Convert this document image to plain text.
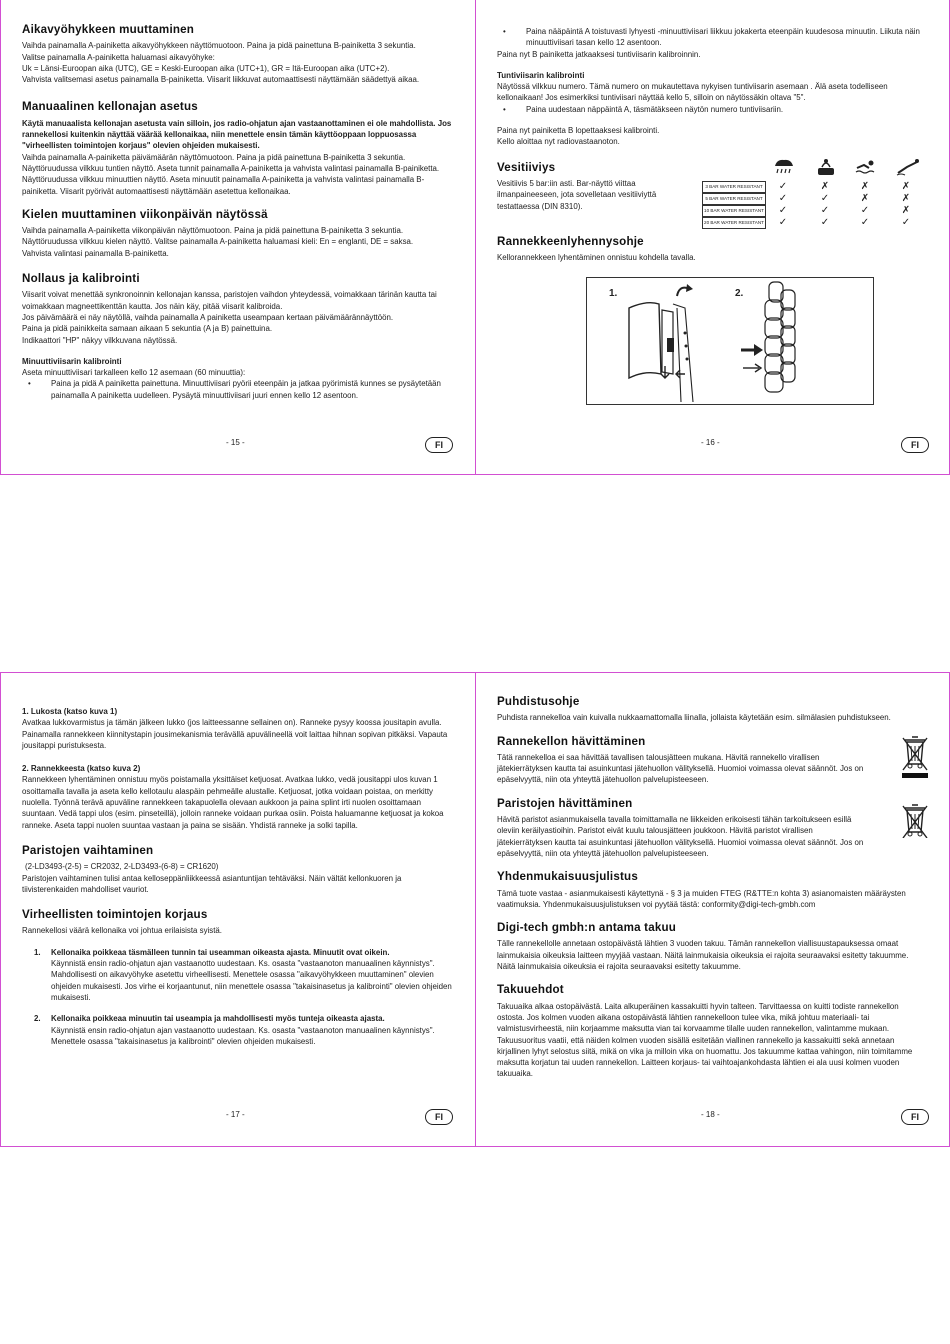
Aikavyöhykkeen muuttaminen

Vaihda painamalla A-painiketta aikavyöhykkeen näyttömuotoon. Paina ja pidä painettuna B-painiketta 3 sekuntia.

Valitse painamalla A-painiketta haluamasi aikavyöhyke:

Uk = Länsi-Euroopan aika (UTC), GE = Keski-Euroopan aika (UTC+1), GR = Itä-Euroopan aika (UTC+2).

Vahvista valitsemasi asetus painamalla B-painiketta. Viisarit liikkuvat automaattisesti näyttämään säädettyä aikaa.

Manuaalinen kellonajan asetus

Käytä manuaalista kellonajan asetusta vain silloin, jos radio-ohjatun ajan vastaanottaminen ei ole mahdollista. Jos rannekellosi kuitenkin näyttää väärää kellonaikaa, niin menettele ensin tämän käyttöoppaan loppuosassa "virheellisten toimintojen korjaus" olevien ohjeiden mukaisesti.

Vaihda painamalla A-painiketta päivämäärän näyttömuotoon. Paina ja pidä painettuna B-painiketta 3 sekuntia.

Näyttöruudussa vilkkuu tuntien näyttö. Aseta tunnit painamalla A-painiketta ja vahvista valintasi painamalla B-painiketta.

Näyttöruudussa vilkkuu minuuttien näyttö. Aseta minuutit painamalla A-painiketta ja vahvista valintasi painamalla B-painiketta. Viisarit pyörivät automaattisesti näyttämään asetettua kellonaikaa.

Kielen muuttaminen viikonpäivän näytössä

Vaihda painamalla A-painiketta viikonpäivän näyttömuotoon. Paina ja pidä painettuna B-painiketta 3 sekuntia.

Näyttöruudussa vilkkuu kielen näyttö. Valitse painamalla A-painiketta haluamasi kieli: En = englanti, DE = saksa.

Vahvista valintasi painamalla B-painiketta.

Nollaus ja kalibrointi

Viisarit voivat menettää synkronoinnin kellonajan kanssa, paristojen vaihdon yhteydessä, voimakkaan tärinän kautta tai voimakkaan magneettikenttän kautta. Jos näin käy, pitää viisarit kalibroida.

Jos päivämäärä ei näy näytöllä, vaihda painamalla A painiketta useampaan kertaan päivämäärännäyttöön.

Paina ja pidä painikkeita samaan aikaan 5 sekuntia (A ja B) painettuina.

Indikaattori "HP" näkyy vilkkuvana näytössä.

Minuuttiviisarin kalibrointi

Aseta minuuttiviisari tarkalleen kello 12 asemaan (60 minuuttia):

• Paina ja pidä A painiketta painettuna. Minuuttiviisari pyörii eteenpäin ja jatkaa pyörimistä kunnes se pysäytetään painamalla A painiketta uudelleen. Pysäytä minuuttiviisari juuri ennen kello 12 asentoon.

- 15 -	FI

• Paina nääpäintä A toistuvasti lyhyesti -minuuttiviisari liikkuu jokakerta eteenpäin kuudesosa minuutin. Liikuta näin minuuttiviisari tasan kello 12 asentoon.

Paina nyt B painiketta jatkaaksesi tuntiviisarin kalibroinnin.

Tuntiviisarin kalibrointi

Näytössä vilkkuu numero. Tämä numero on mukautettava nykyisen tuntiviisarin asemaan . Älä aseta todelliseen kellonaikaan! Jos esimerkiksi tuntiviisari näyttää kello 5, silloin on näytössäkin oltava "5".

• Paina uudestaan näppäintä A, täsmätäkseen näytön numero tuntiviisariin.

Paina nyt painiketta B lopettaaksesi kalibrointi.

Kello aloittaa nyt radiovastaanoton.

Vesitiiviys

Vesitiivis 5 bar:iin asti. Bar-näyttö viittaa ilmanpaineeseen, jota sovelletaan vesitiiviyttä testattaessa (DIN 8310).

Rannekkeenlyhennysohje

Kellorannekkeen lyhentäminen onnistuu kohdella tavalla.

3 BAR WATER RESISTANT	✓	✗	✗	✗
5 BAR WATER RESISTANT	✓	✓	✗	✗
10 BAR WATER RESISTANT ✓	✓	✓	✗
20 BAR WATER RESISTANT ✓	✓	✓	✓
1.	2.
- 16 -	FI
1. Lukosta (katso kuva 1)

Avatkaa lukkovarmistus ja tämän jälkeen lukko (jos laitteessanne sellainen on). Ranneke pysyy koossa jousitapin avulla. Painamalla rannekkeen kiinnitystapin jousimekanismia terävällä apuvälineellä voit laittaa hihnan sopivan pitkäksi. Vapauta jousitappi puristuksesta.

2. Rannekkeesta (katso kuva 2)

Rannekkeen lyhentäminen onnistuu myös poistamalla yksittäiset ketjuosat. Avatkaa lukko, vedä jousitappi ulos kuvan 1 osoittamalla tavalla ja aseta kello kellotaulu alaspäin pehmeälle alustalle. Ketjuosat, jotka voidaan poistaa, on merkitty nuolella. Työnnä terävä apuväline rannekkeen takapuolella olevaan aukkoon ja paina splint irti nuolen osoittamaan suuntaan. Vedä tappi ulos (esim. pinseteillä), jolloin ranneke voidaan purkaa osiin. Poista haluamanne ketjuosat ja kokoa ranneke. Aseta tappi nuolen suuntaa vastaan ja paina se sisään. Yhdistä ranneke ja solki tapilla.

Paristojen vaihtaminen

(2-LD3493-(2-5) = CR2032, 2-LD3493-(6-8) = CR1620)

Paristojen vaihtaminen tulisi antaa kelloseppänliikkeessä asiantuntijan tehtäväksi. Näin vältät kellonkuoren ja tiivisterenkaiden mahdolliset vauriot.

Virheellisten toimintojen korjaus

Rannekellosi väärä kellonaika voi johtua erilaisista syistä.

1. Kellonaika poikkeaa täsmälleen tunnin tai useamman oikeasta ajasta. Minuutit ovat oikein.

Käynnistä ensin radio-ohjatun ajan vastaanotto uudestaan. Ks. osasta "vastaanoton manuaalinen käynnistys". Mahdollisesti on aikavyöhyke asetettu virheellisesti. Menettele osassa "aikavyöhykkeen muuttaminen" olevien ohjeiden mukaisesti. Jos virhe ei korjaantunut, niin menettele osassa "takaisinasetus ja kalibrointi" olevien ohjeiden mukaisesti.

2. Kellonaika poikkeaa minuutin tai useampia ja mahdollisesti myös tunteja oikeasta ajasta.

Käynnistä ensin radio-ohjatun ajan vastaanotto uudestaan. Ks. osasta "vastaanoton manuaalinen käynnistys". Menettele osassa "takaisinasetus ja kalibrointi" olevien ohjeiden mukaisesti.

- 17 -	FI
Puhdistusohje

Puhdista rannekelloa vain kuivalla nukkaamattomalla liinalla, jollaista käytetään esim. silmälasien puhdistukseen.

Rannekellon hävittäminen

Tätä rannekelloa ei saa hävittää tavallisen talousjätteen mukana. Hävitä rannekello virallisen jätekierrätyksen kautta tai asuinkuntasi jätehuollon välityksellä. Huomioi voimassa olevat säännöt. Jos on epäselvyyttä, niin ota yhteyttä jätehuollon palvelupisteeseen.

Paristojen hävittäminen

Hävitä paristot asianmukaisella tavalla toimittamalla ne liikkeiden erikoisesti tähän tarkoitukseen esillä oleviin keräilyastioihin. Paristot eivät kuulu talousjätteen joukkoon. Hävitä paristot virallisen jätekierrätyksen kautta tai asuinkuntasi jätehuollon välityksellä. Huomioi voimassa olevat säännöt. Jos on epäselvyyttä, niin ota yhteyttä jätehuollon palvelupisteeseen.

Yhdenmukaisuusjulistus

Tämä tuote vastaa - asianmukaisesti käytettynä - § 3 ja muiden FTEG (R&TTE:n kohta 3) asianomaisten määräysten vaatimuksia. Yhdenmukaisuusjulistuksen voi pyytää tästä: conformity@digi-tech-gmbh.com

Digi-tech gmbh:n antama takuu

Tälle rannekellolle annetaan ostopäivästä lähtien 3 vuoden takuu. Tämän rannekellon viallisuustapauksessa omaat lainmukaisia oikeuksia laitteen myyjää vastaan. Näitä lainmukaisia oikeuksia ei rajoita seuraavaksi esitetty takuumme. Näitä lainmukaisia oikeuksia ei rajoita seuraavaksi esitetty takuumme.

Takuuehdot

Takuuaika alkaa ostopäivästä. Laita alkuperäinen kassakuitti hyvin talteen. Tarvittaessa on kuitti todiste rannekellon ostosta. Jos kolmen vuoden aikana ostopäivästä lähtien rannekelloon tulee vika, mikä johtuu materiaali- tai valmistusvirheestä, niin korjaamme maksutta vian tai korvaamme tilalle uuden rannekellon, valintamme mukaan. Takuusuoritus vaatii, että näiden kolmen vuoden sisällä esitetään viallinen rannekello ja kassakuitti sekä annetaan kirjallinen lyhyt selostus siitä, mikä on vika ja milloin vika on huomattu. Jos takuumme kattaa vahingon, niin toimitamme maksutta korjatun tai uuden rannekellon. Laitteen korjaus- tai vaihtoajankohdasta lähtien ei ala uusi kolmen vuoden takuuaika.

- 18 -	FI
